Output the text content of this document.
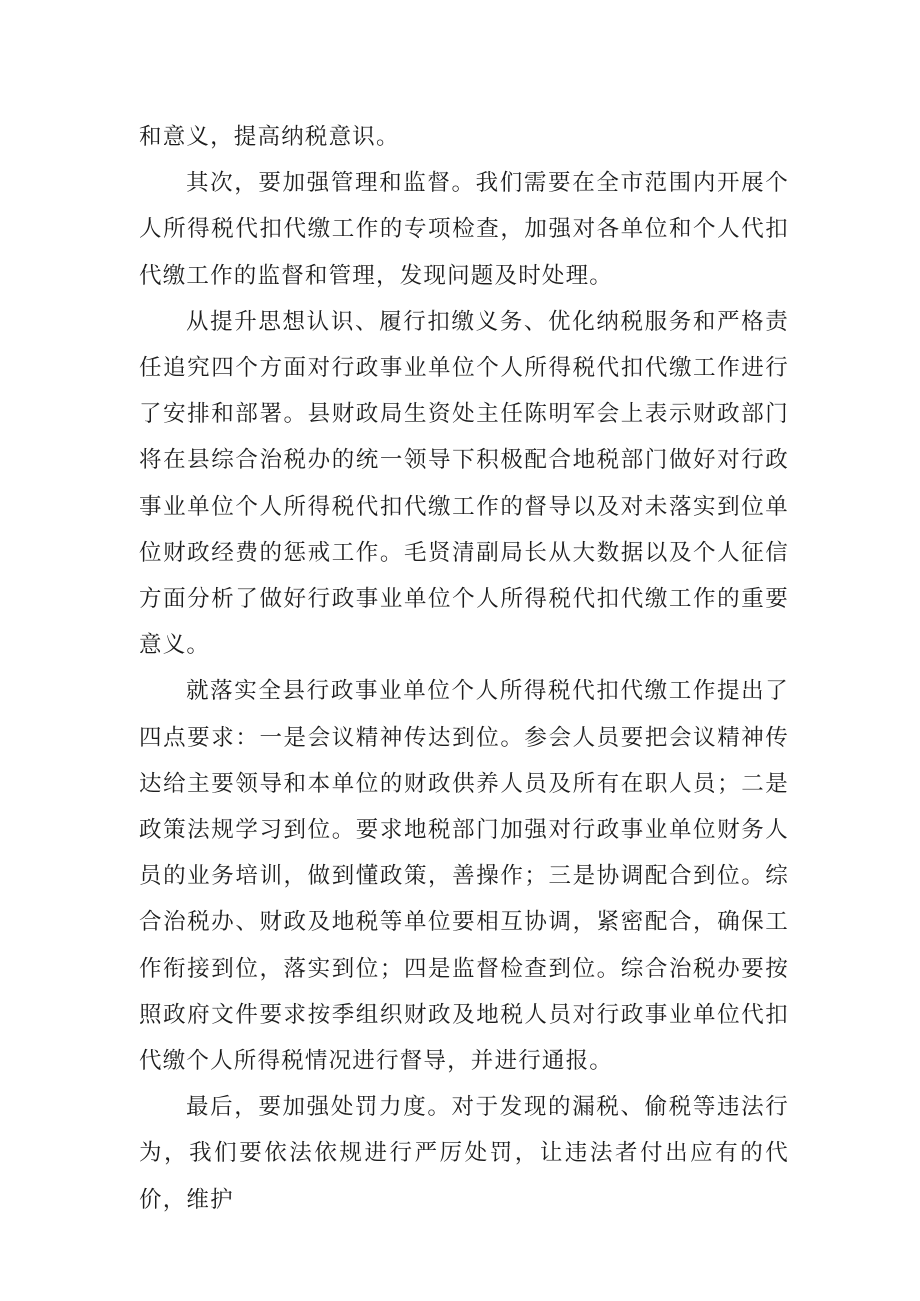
和意义，提高纳税意识。

其次，要加强管理和监督。我们需要在全市范围内开展个人所得税代扣代缴工作的专项检查，加强对各单位和个人代扣代缴工作的监督和管理，发现问题及时处理。

从提升思想认识、履行扣缴义务、优化纳税服务和严格责任追究四个方面对行政事业单位个人所得税代扣代缴工作进行了安排和部署。县财政局生资处主任陈明军会上表示财政部门将在县综合治税办的统一领导下积极配合地税部门做好对行政事业单位个人所得税代扣代缴工作的督导以及对未落实到位单位财政经费的惩戒工作。毛贤清副局长从大数据以及个人征信方面分析了做好行政事业单位个人所得税代扣代缴工作的重要意义。

就落实全县行政事业单位个人所得税代扣代缴工作提出了四点要求：一是会议精神传达到位。参会人员要把会议精神传达给主要领导和本单位的财政供养人员及所有在职人员；二是政策法规学习到位。要求地税部门加强对行政事业单位财务人员的业务培训，做到懂政策，善操作；三是协调配合到位。综合治税办、财政及地税等单位要相互协调，紧密配合，确保工作衔接到位，落实到位；四是监督检查到位。综合治税办要按照政府文件要求按季组织财政及地税人员对行政事业单位代扣代缴个人所得税情况进行督导，并进行通报。

最后，要加强处罚力度。对于发现的漏税、偷税等违法行为，我们要依法依规进行严厉处罚，让违法者付出应有的代价，维护
